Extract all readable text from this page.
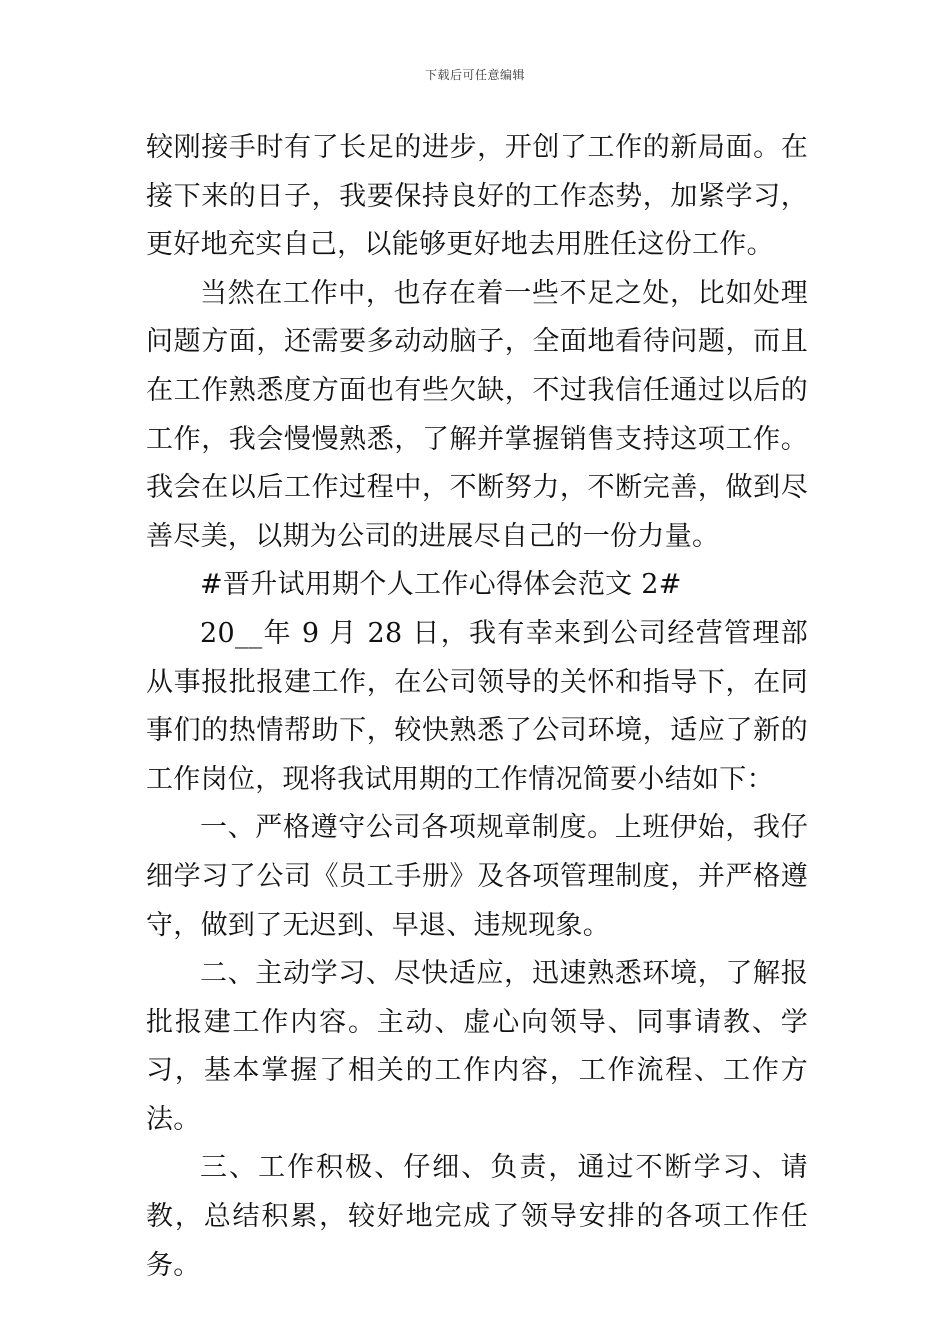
下载后可任意编辑

较刚接手时有了长足的进步，开创了工作的新局面。在接下来的日子，我要保持良好的工作态势，加紧学习，更好地充实自己，以能够更好地去用胜任这份工作。

当然在工作中，也存在着一些不足之处，比如处理问题方面，还需要多动动脑子，全面地看待问题，而且在工作熟悉度方面也有些欠缺，不过我信任通过以后的工作，我会慢慢熟悉，了解并掌握销售支持这项工作。我会在以后工作过程中，不断努力，不断完善，做到尽善尽美，以期为公司的进展尽自己的一份力量。

#晋升试用期个人工作心得体会范文 2#

20__年 9 月 28 日，我有幸来到公司经营管理部从事报批报建工作，在公司领导的关怀和指导下，在同事们的热情帮助下，较快熟悉了公司环境，适应了新的工作岗位，现将我试用期的工作情况简要小结如下：

一、严格遵守公司各项规章制度。上班伊始，我仔细学习了公司《员工手册》及各项管理制度，并严格遵守，做到了无迟到、早退、违规现象。

二、主动学习、尽快适应，迅速熟悉环境，了解报批报建工作内容。主动、虚心向领导、同事请教、学习，基本掌握了相关的工作内容，工作流程、工作方法。

三、工作积极、仔细、负责，通过不断学习、请教，总结积累，较好地完成了领导安排的各项工作任务。
